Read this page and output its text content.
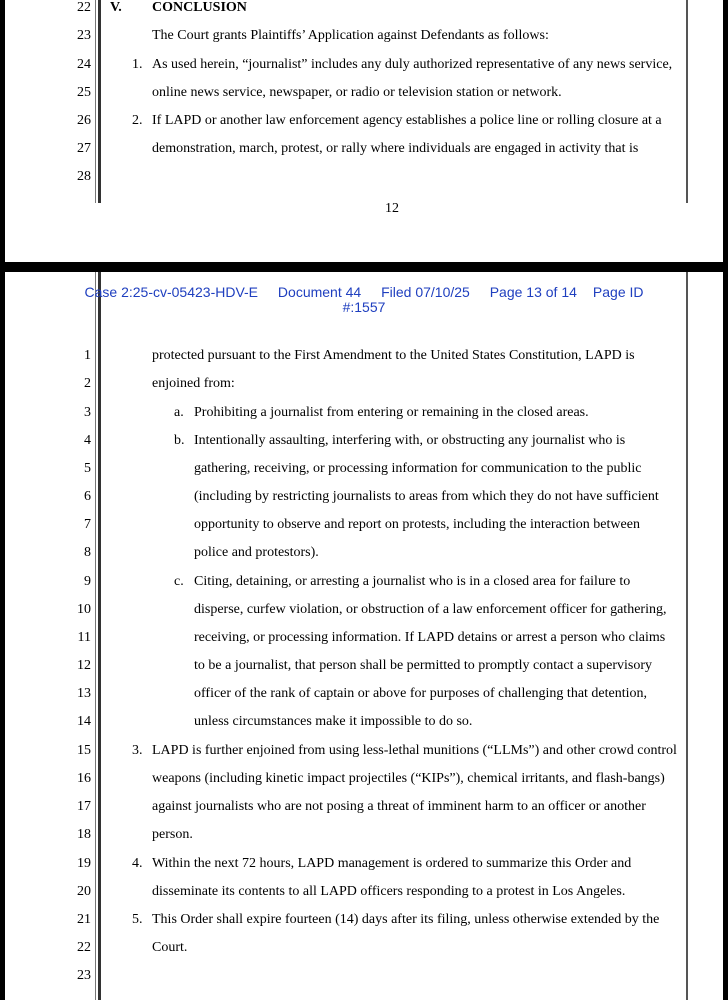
22 V. CONCLUSION
23	The Court grants Plaintiffs’ Application against Defendants as follows:
24	1. As used herein, “journalist” includes any duly authorized representative of any news service,
25	online news service, newspaper, or radio or television station or network.
26	2. If LAPD or another law enforcement agency establishes a police line or rolling closure at a
27	demonstration, march, protest, or rally where individuals are engaged in activity that is
28
12
Case 2:25-cv-05423-HDV-E Document 44 Filed 07/10/25 Page 13 of 14 Page ID
#:1557
1	protected pursuant to the First Amendment to the United States Constitution, LAPD is
2	enjoined from:
3	a. Prohibiting a journalist from entering or remaining in the closed areas.
4	b. Intentionally assaulting, interfering with, or obstructing any journalist who is
5	gathering, receiving, or processing information for communication to the public
6	(including by restricting journalists to areas from which they do not have sufficient
7	opportunity to observe and report on protests, including the interaction between
8	police and protestors).
9	c. Citing, detaining, or arresting a journalist who is in a closed area for failure to
10	disperse, curfew violation, or obstruction of a law enforcement officer for gathering,
11	receiving, or processing information. If LAPD detains or arrest a person who claims
12	to be a journalist, that person shall be permitted to promptly contact a supervisory
13	officer of the rank of captain or above for purposes of challenging that detention,
14	unless circumstances make it impossible to do so.
15	3. LAPD is further enjoined from using less-lethal munitions (“LLMs”) and other crowd control
16	weapons (including kinetic impact projectiles (“KIPs”), chemical irritants, and flash-bangs)
17	against journalists who are not posing a threat of imminent harm to an officer or another
18	person.
19	4. Within the next 72 hours, LAPD management is ordered to summarize this Order and
20	disseminate its contents to all LAPD officers responding to a protest in Los Angeles.
21	5. This Order shall expire fourteen (14) days after its filing, unless otherwise extended by the
22	Court.
23
